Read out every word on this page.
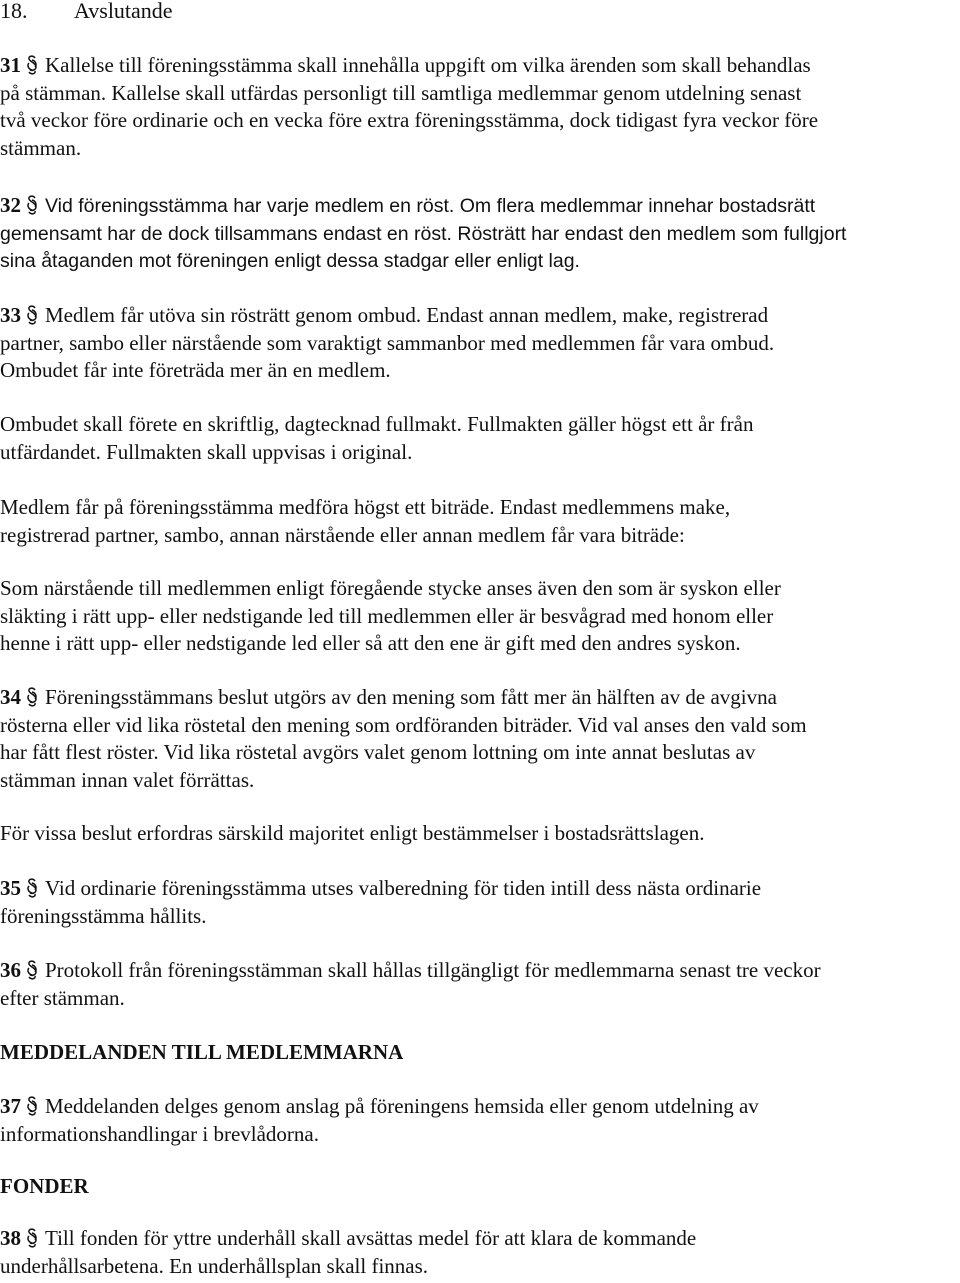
18. Avslutande
31 Kallelse till föreningsstämma skall innehålla uppgift om vilka ärenden som skall behandlas
på stämman. Kallelse skall utfärdas personligt till samtliga medlemmar genom utdelning senast
två veckor före ordinarie och en vecka före extra föreningsstämma, dock tidigast fyra veckor före
stämman.
32 Vid föreningsstämma har varje medlem en röst. Om flera medlemmar innehar bostadsrätt
gemensamt har de dock tillsammans endast en röst. Rösträtt har endast den medlem som fullgjort
sina åtaganden mot föreningen enligt dessa stadgar eller enligt lag.
33 Medlem får utöva sin rösträtt genom ombud. Endast annan medlem, make, registrerad
partner, sambo eller närstående som varaktigt sammanbor med medlemmen får vara ombud.
Ombudet får inte företräda mer än en medlem.
Ombudet skall förete en skriftlig, dagtecknad fullmakt. Fullmakten gäller högst ett år från
utfärdandet. Fullmakten skall uppvisas i original.
Medlem får på föreningsstämma medföra högst ett biträde. Endast medlemmens make,
registrerad partner, sambo, annan närstående eller annan medlem får vara biträde:
Som närstående till medlemmen enligt föregående stycke anses även den som är syskon eller
släkting i rätt upp- eller nedstigande led till medlemmen eller är besvågrad med honom eller
henne i rätt upp- eller nedstigande led eller så att den ene är gift med den andres syskon.
34 Föreningsstämmans beslut utgörs av den mening som fått mer än hälften av de avgivna
rösterna eller vid lika röstetal den mening som ordföranden biträder. Vid val anses den vald som
har fått flest röster. Vid lika röstetal avgörs valet genom lottning om inte annat beslutas av
stämman innan valet förrättas.
För vissa beslut erfordras särskild majoritet enligt bestämmelser i bostadsrättslagen.
35 Vid ordinarie föreningsstämma utses valberedning för tiden intill dess nästa ordinarie
föreningsstämma hållits.
36 Protokoll från föreningsstämman skall hållas tillgängligt för medlemmarna senast tre veckor
efter stämman.
MEDDELANDEN TILL MEDLEMMARNA
37 Meddelanden delges genom anslag på föreningens hemsida eller genom utdelning av
informationshandlingar i brevlådorna.
FONDER
38 Till fonden för yttre underhåll skall avsättas medel för att klara de kommande
underhållsarbetena. En underhållsplan skall finnas.
